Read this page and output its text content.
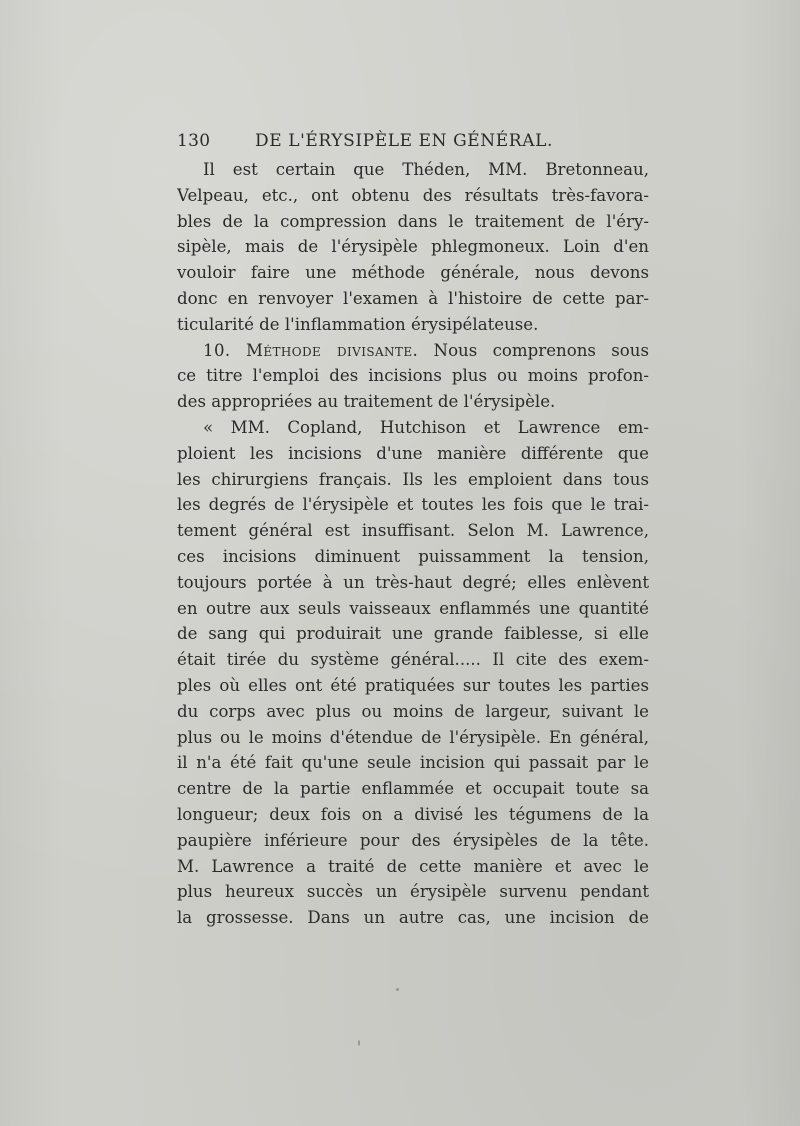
130	DE L'ÉRYSIPÈLE EN GÉNÉRAL.
Il est certain que Théden, MM. Bretonneau,
Velpeau, etc., ont obtenu des résultats très-favora-
bles de la compression dans le traitement de l'éry-
sipèle, mais de l'érysipèle phlegmoneux. Loin d'en
vouloir faire une méthode générale, nous devons
donc en renvoyer l'examen à l'histoire de cette par-
ticularité de l'inflammation érysipélateuse.
10. Méthode divisante. Nous comprenons sous
ce titre l'emploi des incisions plus ou moins profon-
des appropriées au traitement de l'érysipèle.
« MM. Copland, Hutchison et Lawrence em-
ploient les incisions d'une manière différente que
les chirurgiens français. Ils les emploient dans tous
les degrés de l'érysipèle et toutes les fois que le trai-
tement général est insuffisant. Selon M. Lawrence,
ces incisions diminuent puissamment la tension,
toujours portée à un très-haut degré; elles enlèvent
en outre aux seuls vaisseaux enflammés une quantité
de sang qui produirait une grande faiblesse, si elle
était tirée du système général..... Il cite des exem-
ples où elles ont été pratiquées sur toutes les parties
du corps avec plus ou moins de largeur, suivant le
plus ou le moins d'étendue de l'érysipèle. En général,
il n'a été fait qu'une seule incision qui passait par le
centre de la partie enflammée et occupait toute sa
longueur; deux fois on a divisé les tégumens de la
paupière inférieure pour des érysipèles de la tête.
M. Lawrence a traité de cette manière et avec le
plus heureux succès un érysipèle survenu pendant
la grossesse. Dans un autre cas, une incision de
